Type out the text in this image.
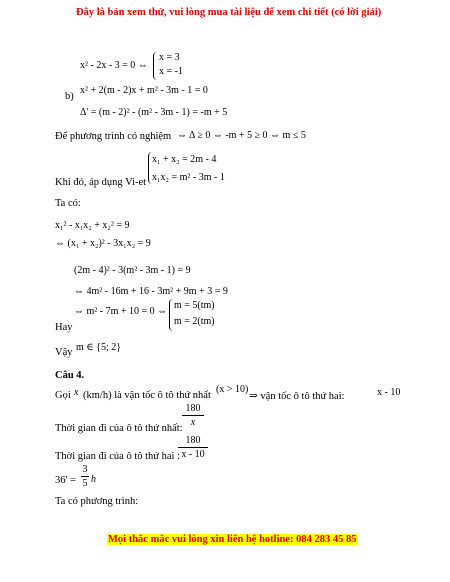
Đây là bản xem thử, vui lòng mua tài liệu để xem chi tiết (có lời giải)
x² - 2x - 3 = 0 ⇔
x = 3
x = -1
b)
x² + 2(m - 2)x + m² - 3m - 1 = 0
Δ' = (m - 2)² - (m² - 3m - 1) = -m + 5
Để phương trình có nghiệm ⇔ Δ ≥ 0 ⇔ -m + 5 ≥ 0 ⇔ m ≤ 5
x₁ + x₂ = 2m - 4
x₁x₂ = m² - 3m - 1
Khi đó, áp dụng Vi-et
Ta có:
x₁² - x₁x₂ + x₂² = 9
⇔ (x₁ + x₂)² - 3x₁x₂ = 9
(2m - 4)² - 3(m² - 3m - 1) = 9
⇔ 4m² - 16m + 16 - 3m² + 9m + 3 = 9
⇔ m² - 7m + 10 = 0 ⇔
m = 5(tm)
m = 2(tm)
Hay
Vậy m ∈ {5; 2}
Câu 4.
Gọi x (km/h) là vận tốc ô tô thứ nhất
(x > 10)
⇒ vận tốc ô tô thứ hai:	x - 10
180
x
Thời gian đi của ô tô thứ nhất:
180
x - 10
Thời gian đi của ô tô thứ hai :
36' =
3
5 h
Ta có phương trình:
Mọi thắc mắc vui lòng xin liên hệ hotline: 084 283 45 85
